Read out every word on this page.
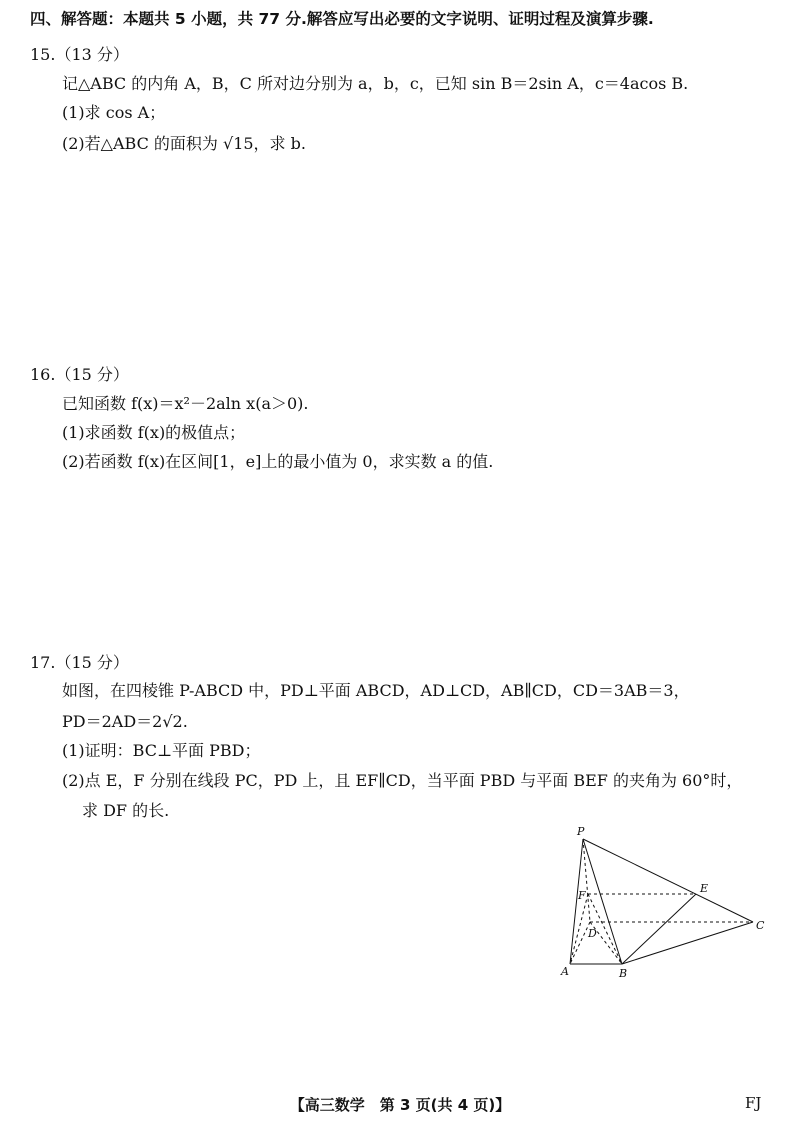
四、解答题：本题共 5 小题，共 77 分.解答应写出必要的文字说明、证明过程及演算步骤.
15.（13 分）
记△ABC 的内角 A，B，C 所对边分别为 a，b，c，已知 sin B＝2sin A，c＝4acos B.
(1)求 cos A；
(2)若△ABC 的面积为 √15，求 b.
16.（15 分）
已知函数 f(x)＝x²－2aln x(a＞0).
(1)求函数 f(x)的极值点；
(2)若函数 f(x)在区间[1，e]上的最小值为 0，求实数 a 的值.
17.（15 分）
如图，在四棱锥 P-ABCD 中，PD⊥平面 ABCD，AD⊥CD，AB∥CD，CD＝3AB＝3，
PD＝2AD＝2√2.
(1)证明：BC⊥平面 PBD；
(2)点 E，F 分别在线段 PC，PD 上，且 EF∥CD，当平面 PBD 与平面 BEF 的夹角为 60°时，
求 DF 的长.
P
E
F
D
C
A	B
【高三数学　第 3 页(共 4 页)】	FJ
